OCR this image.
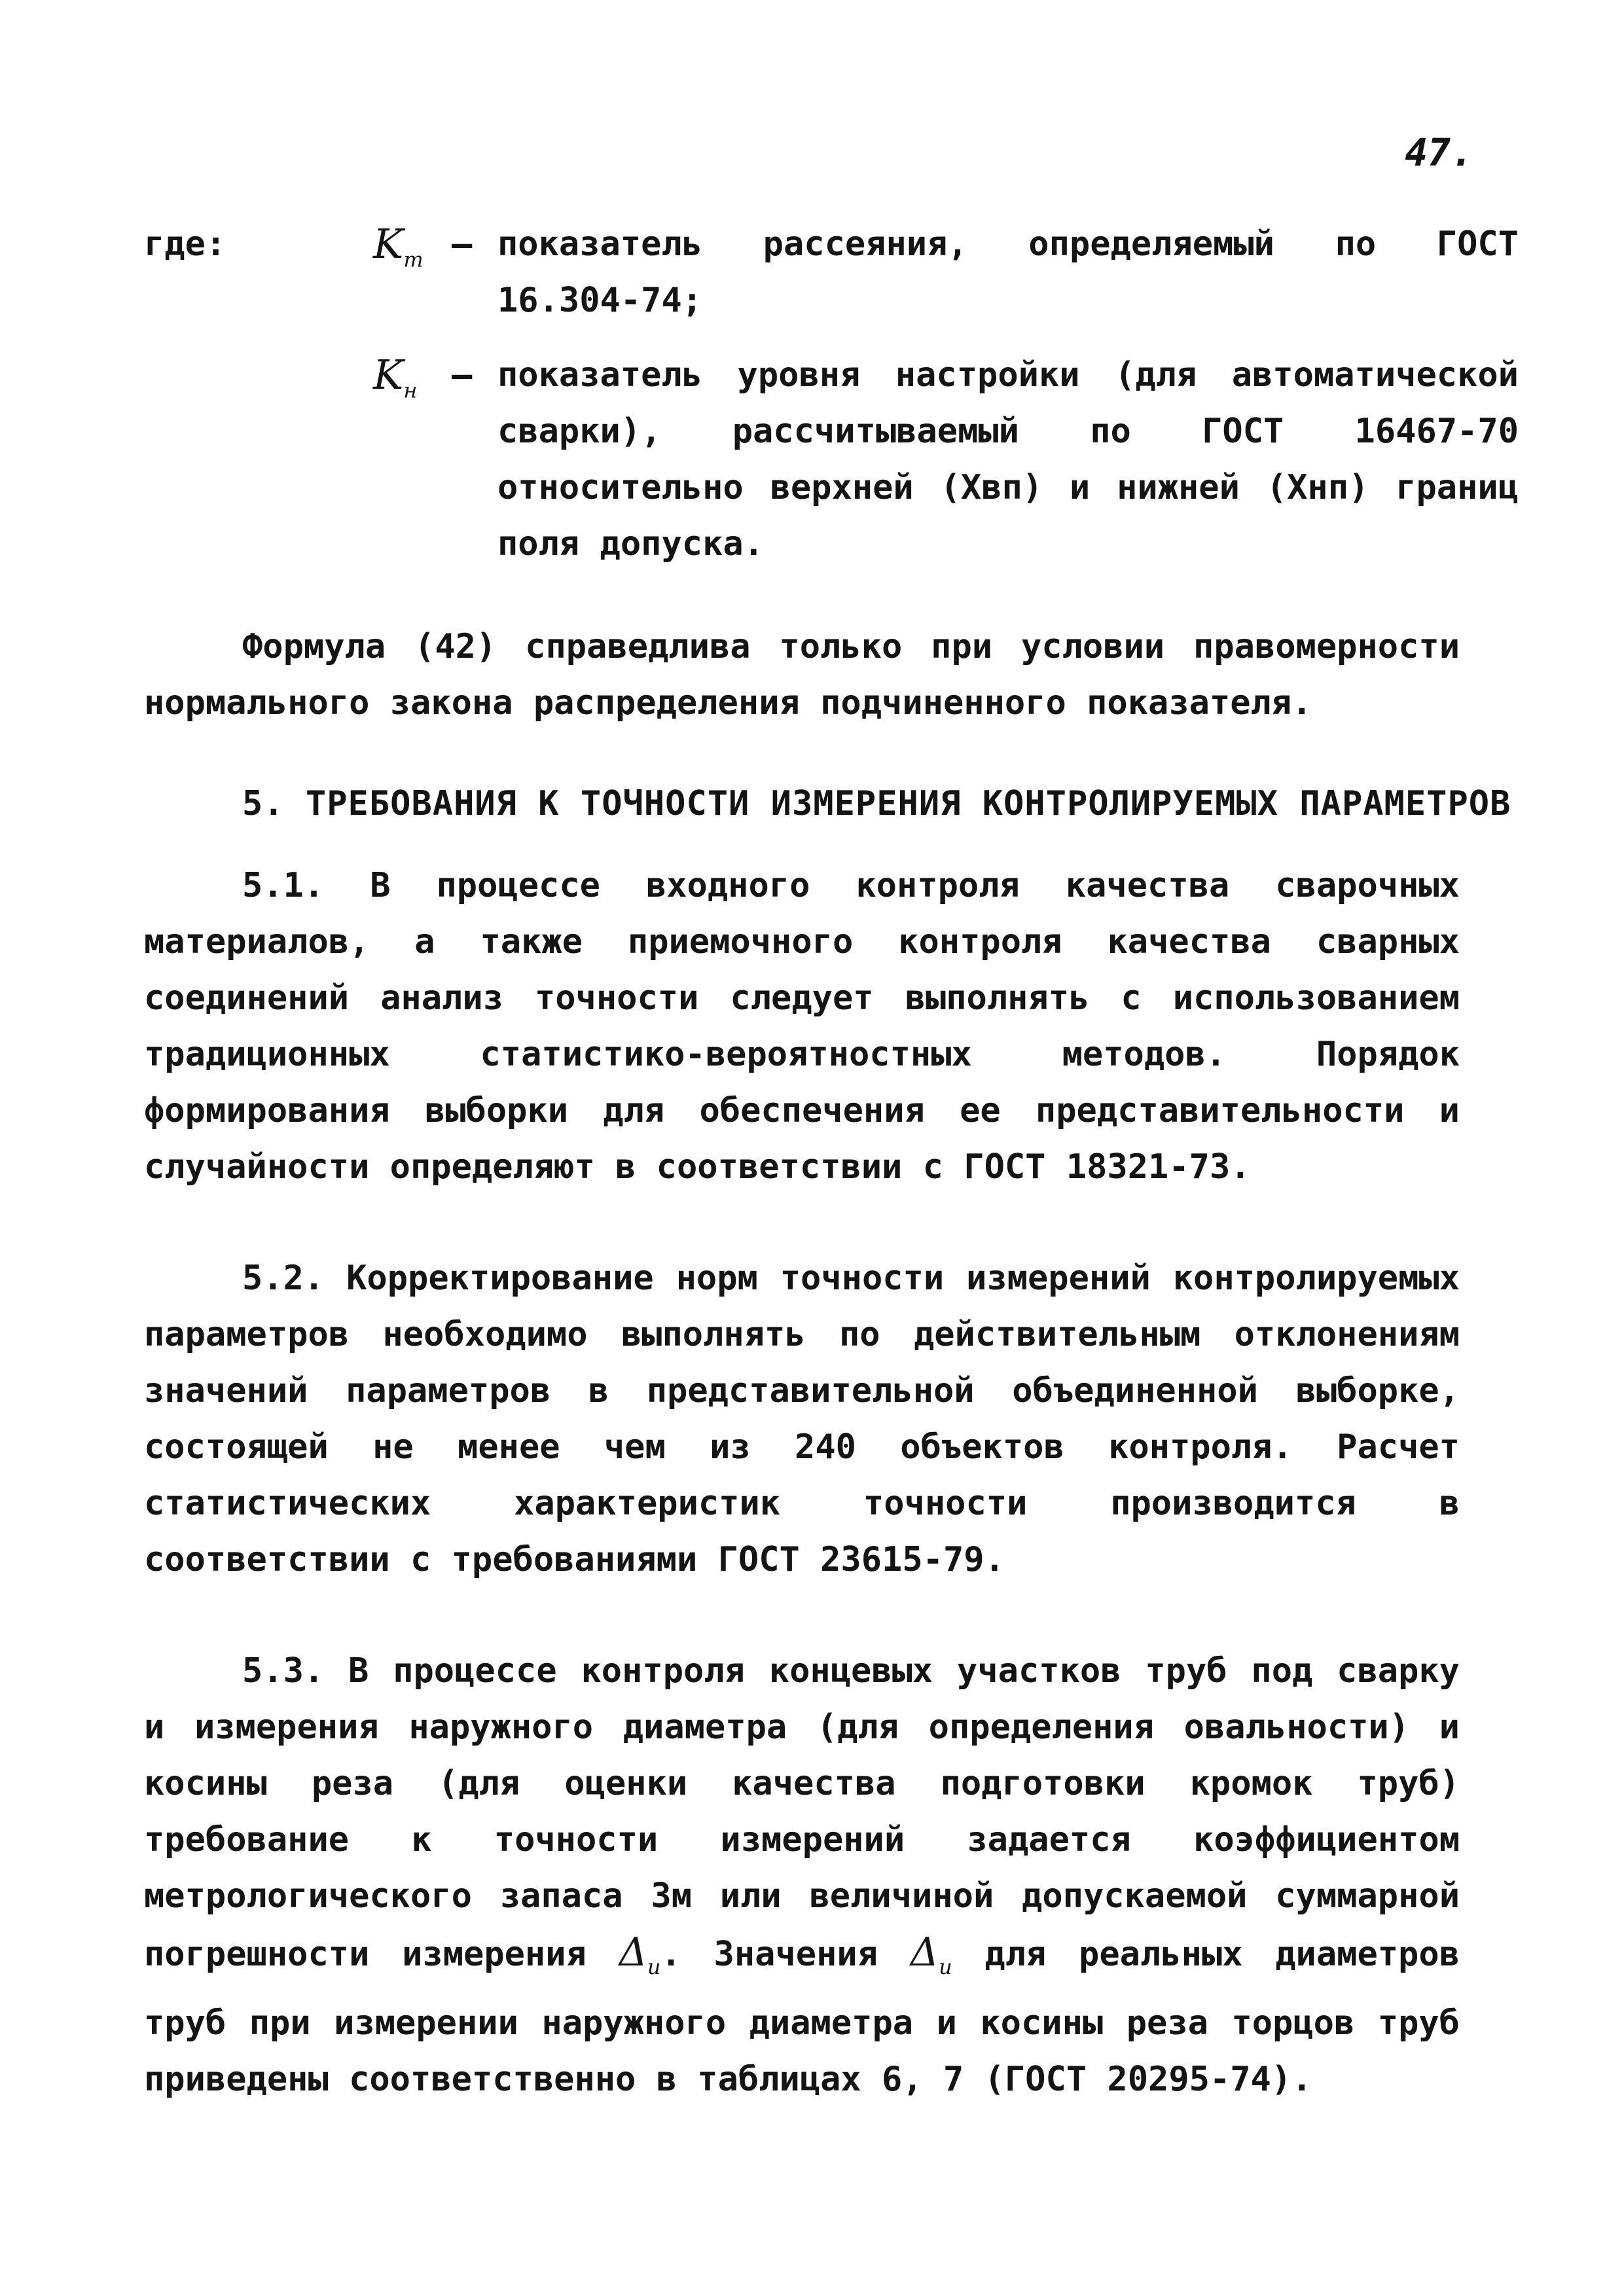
47.
где:	$K_т$ – показатель рассеяния, определяемый по ГОСТ 16.304-74;
$K_н$ – показатель уровня настройки (для автоматической сварки), рассчитываемый по ГОСТ 16467-70 относительно верхней (Хвп) и нижней (Хнп) границ поля допуска.
Формула (42) справедлива только при условии правомерности нормального закона распределения подчиненного показателя.
5. ТРЕБОВАНИЯ К ТОЧНОСТИ ИЗМЕРЕНИЯ КОНТРОЛИРУЕМЫХ ПАРАМЕТРОВ
5.1. В процессе входного контроля качества сварочных материалов, а также приемочного контроля качества сварных соединений анализ точности следует выполнять с использованием традиционных статистико-вероятностных методов. Порядок формирования выборки для обеспечения ее представительности и случайности определяют в соответствии с ГОСТ 18321-73.
5.2. Корректирование норм точности измерений контролируемых параметров необходимо выполнять по действительным отклонениям значений параметров в представительной объединенной выборке, состоящей не менее чем из 240 объектов контроля. Расчет статистических характеристик точности производится в соответствии с требованиями ГОСТ 23615-79.
5.3. В процессе контроля концевых участков труб под сварку и измерения наружного диаметра (для определения овальности) и косины реза (для оценки качества подготовки кромок труб) требование к точности измерений задается коэффициентом метрологического запаса Зм или величиной допускаемой суммарной погрешности измерения $\Delta_и$. Значения $\Delta_и$ для реальных диаметров труб при измерении наружного диаметра и косины реза торцов труб приведены соответственно в таблицах 6, 7 (ГОСТ 20295-74).
